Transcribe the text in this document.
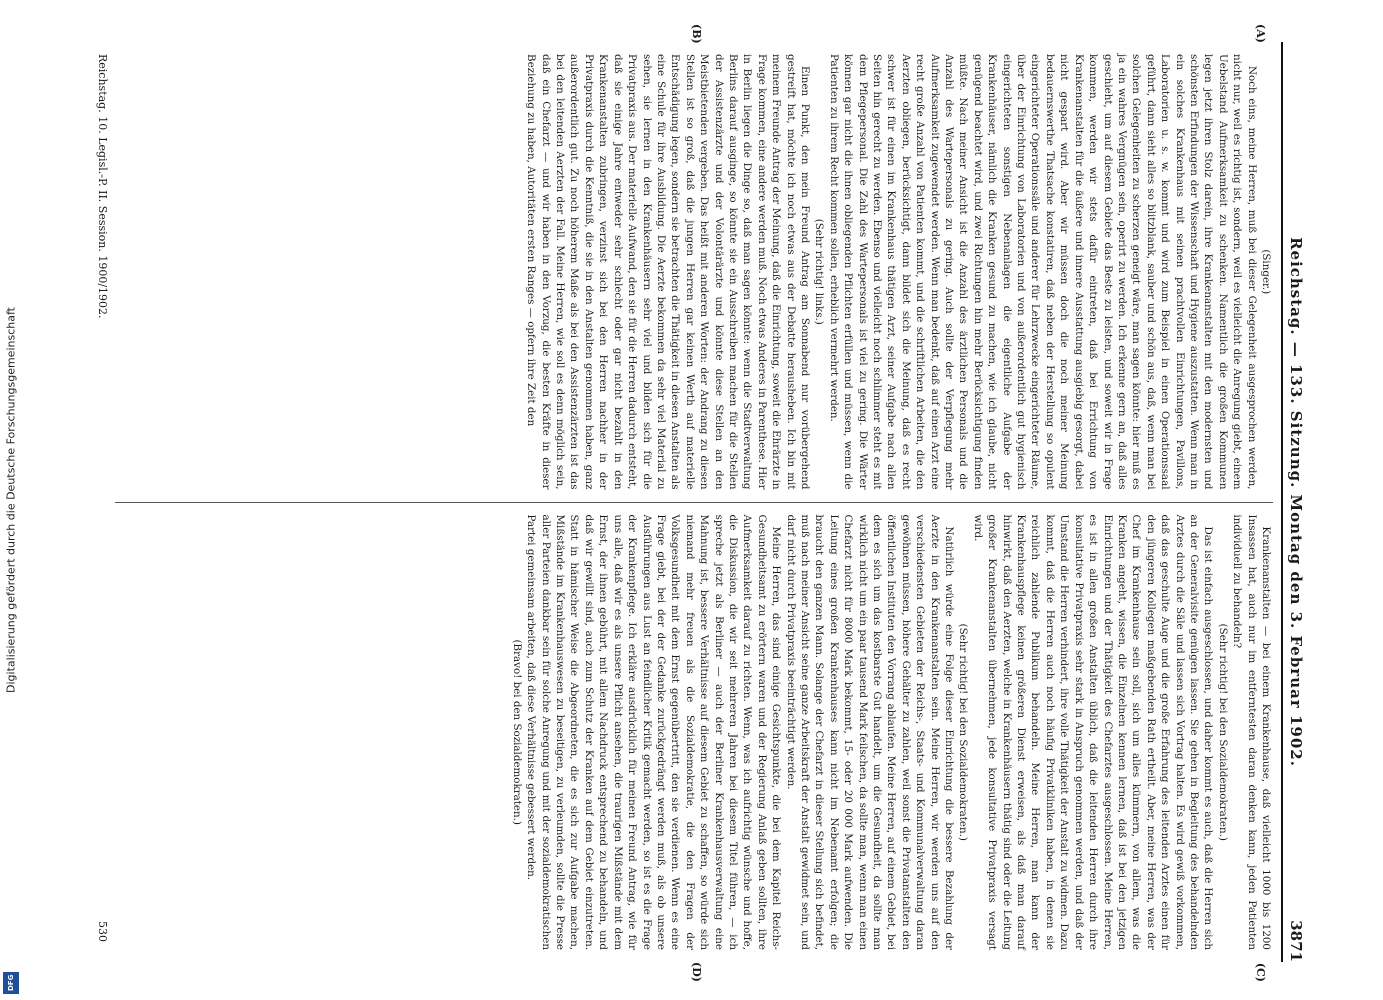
Digitalisierung gefördert durch die Deutsche Forschungsgemeinschaft
DFG
Reichstag. — 133. Sitzung. Montag den 3. Februar 1902.
3871
(A)
(B)

(Singer.)

Noch eins, meine Herren, muß bei dieser Gelegenheit ausgesprochen werden, nicht nur, weil es richtig ist, sondern, weil es vielleicht die Anregung giebt, einem Uebelstand Aufmerksamkeit zu schenken. Namentlich die großen Kommunen legen jetzt ihren Stolz darein, ihre Krankenanstalten mit den modernsten und schönsten Erfindungen der Wissenschaft und Hygiene auszustatten. Wenn man in ein solches Krankenhaus mit seinen prachtvollen Einrichtungen, Pavillons, Laboratorien u. s. w. kommt und wird zum Beispiel in einen Operationssaal geführt, dann sieht alles so blitzblank, sauber und schön aus, daß, wenn man bei solchen Gelegenheiten zu scherzen geneigt wäre, man sagen könnte: hier muß es ja ein wahres Vergnügen sein, operirt zu werden. Ich erkenne gern an, daß alles geschieht, um auf diesem Gebiete das Beste zu leisten, und soweit wir in Frage kommen, werden wir stets dafür eintreten, daß bei Errichtung von Krankenanstalten für die äußere und innere Ausstattung ausgiebig gesorgt, dabei nicht gespart wird. Aber wir müssen doch die noch meiner Meinung bedauernswerthe Thatsache konstatiren, daß neben der Herstellung so opulent eingerichteter Operationssäle und anderer für Lehrzwecke eingerichteter Räume, über der Einrichtung von Laboratorien und von außerordentlich gut hygienisch eingerichteten sonstigen Nebenanlagen die eigentliche Aufgabe der Krankenhäuser, nämlich die Kranken gesund zu machen, wie ich glaube, nicht genügend beachtet wird, und zwei Richtungen hin mehr Berücksichtigung finden müßte. Nach meiner Ansicht ist die Anzahl des ärztlichen Personals und die Anzahl des Wartepersonals zu gering. Auch sollte der Verpflegung mehr Aufmerksamkeit zugewendet werden. Wenn man bedenkt, daß auf einen Arzt eine recht große Anzahl von Patienten kommt, und die schriftlichen Arbeiten, die den Aerzten obliegen, berücksichtigt, dann bildet sich die Meinung, daß es recht schwer ist für einen im Krankenhaus thätigen Arzt, seiner Aufgabe nach allen Seiten hin gerecht zu werden. Ebenso und vielleicht noch schlimmer steht es mit dem Pflegepersonal. Die Zahl des Wartepersonals ist viel zu gering. Die Wärter können gar nicht die ihnen obliegenden Pflichten erfüllen und müssen, wenn die Patienten zu ihrem Recht kommen sollen, erheblich vermehrt werden.

(Sehr richtig! links.)

Einen Punkt, den mein Freund Antrag am Sonnabend nur vorübergehend gestreift hat, möchte ich noch etwas aus der Debatte herausheben. Ich bin mit meinem Freunde Antrag der Meinung, daß die Einrichtung, soweit die Ehrärzte in Frage kommen, eine andere werden muß. Noch etwas Anderes in Parenthese. Hier in Berlin liegen die Dinge so, daß man sagen könnte: wenn die Stadtverwaltung Berlins darauf ausginge, so könnte sie ein Ausschreiben machen für die Stellen der Assistenzärzte und der Volontärärzte und könnte diese Stellen an den Meistbietenden vergeben. Das heißt mit anderen Worten: der Andrang zu diesen Stellen ist so groß, daß die jungen Herren gar keinen Werth auf materielle Entschädigung legen, sondern sie betrachten die Thätigkeit in diesen Anstalten als eine Schule für ihre Ausbildung. Die Aerzte bekommen da sehr viel Material zu sehen, sie lernen in den Krankenhäusern sehr viel und bilden sich für die Privatpraxis aus. Der materielle Aufwand, den sie für die Herren dadurch entsteht, daß sie einige Jahre entweder sehr schlecht oder gar nicht bezahlt in den Krankenanstalten zubringen, verzinst sich bei den Herren nachher in der Privatpraxis durch die Kenntniß, die sie in den Anstalten genommen haben, ganz außerordentlich gut. Zu noch höherem Maße als bei den Assistenzärzten ist das bei den leitenden Aerzten der Fall. Meine Herren, wie soll es denn möglich sein, daß ein Chefarzt — und wir haben in den Vorzug, die besten Kräfte in dieser Beziehung zu haben, Autoritäten ersten Ranges — opfern ihre Zeit den

(C)
(D)

Krankenanstalten — bei einem Krankenhause, daß vielleicht 1000 bis 1200 Insassen hat, auch nur im entferntesten daran denken kann, jeden Patienten individuell zu behandeln?

(Sehr richtig! bei den Sozialdemokraten.)

Das ist einfach ausgeschlossen, und daher kommt es auch, daß die Herren sich an der Generalvisite genügen lassen. Sie gehen in Begleitung des behandelnden Arztes durch die Säle und lassen sich Vortrag halten. Es wird gewiß vorkommen, daß das geschulte Auge und die große Erfahrung des leitenden Arztes einen für den jüngeren Kollegen maßgebenden Rath ertheilt. Aber, meine Herren, was der Chef im Krankenhause sein soll, sich um alles kümmern, von allem, was die Kranken angeht, wissen, die Einzelnen kennen lernen, daß ist bei den jetzigen Einrichtungen und der Thätigkeit des Chefarztes ausgeschlossen. Meine Herren, es ist in allen großen Anstalten üblich, daß die leitenden Herren durch ihre konsultative Privatpraxis sehr stark in Anspruch genommen werden, und daß der Umstand die Herren verhindert, ihre volle Thätigkeit der Anstalt zu widmen. Dazu kommt, daß die Herren auch noch häufig Privatkliniken haben, in denen sie reichlich zahlende Publikum behandeln. Meine Herren, man kann der Krankenhauspflege keinen größeren Dienst erweisen, als daß man darauf hinwirkt, daß den Aerzten, welche in Krankenhäusern thätig sind oder die Leitung großer Krankenanstalten übernehmen, jede konsultative Privatpraxis versagt wird.

(Sehr richtig! bei den Sozialdemokraten.)

Natürlich würde eine Folge dieser Einrichtung die bessere Bezahlung der Aerzte in den Krankenanstalten sein. Meine Herren, wir werden uns auf den verschiedensten Gebieten der Reichs-, Staats- und Kommunalverwaltung daran gewöhnen müssen, höhere Gehälter zu zahlen, weil sonst die Privatanstalten den öffentlichen Instituten den Vorrang ablaufen. Meine Herren, auf einem Gebiet, bei dem es sich um das kostbarste Gut handelt, um die Gesundheit, da sollte man wirklich nicht um ein paar tausend Mark feilschen, da sollte man, wenn man einen Chefarzt nicht für 8000 Mark bekommt, 15- oder 20 000 Mark aufwenden. Die Leitung eines großen Krankenhauses kann nicht im Nebenamt erfolgen; die braucht den ganzen Mann. Solange der Chefarzt in dieser Stellung sich befindet, muß nach meiner Ansicht seine ganze Arbeitskraft der Anstalt gewidmet sein, und darf nicht durch Privatpraxis beeinträchtigt werden.

Meine Herren, das sind einige Gesichtspunkte, die bei dem Kapitel Reichs-Gesundheitsamt zu erörtern waren und der Regierung Anlaß geben sollten, ihre Aufmerksamkeit darauf zu richten. Wenn, was ich aufrichtig wünsche und hoffe, die Diskussion, die wir seit mehreren Jahren bei diesem Titel führen, — ich spreche jetzt als Berliner — auch der Berliner Krankenhausverwaltung eine Mahnung ist, bessere Verhältnisse auf diesem Gebiet zu schaffen, so würde sich niemand mehr freuen als die Sozialdemokratie, die den Fragen der Volksgesundheit mit dem Ernst gegenübertritt, den sie verdienen. Wenn es eine Frage giebt, bei der der Gedanke zurückgedrängt werden muß, als ob unsere Ausführungen aus Lust an feindlicher Kritik gemacht werden, so ist es die Frage der Krankenpflege. Ich erkläre ausdrücklich für meinen Freund Antrag, wie für uns alle, daß wir es als unsere Pflicht ansehen, die traurigen Mißstände mit dem Ernst, der ihnen gebührt, mit allem Nachdruck entsprechend zu behandeln, und daß wir gewillt sind, auch zum Schutz der Kranken auf dem Gebiet einzutreten. Statt in hämischer Weise die Abgeordneten, die es sich zur Aufgabe machen, Mißstände im Krankenhauswesen zu beseitigen, zu verleumden, sollte die Presse aller Parteien dankbar sein für solche Anregung und mit der sozialdemokratischen Partei gemeinsam arbeiten, daß diese Verhältnisse gebessert werden.

(Bravo! bei den Sozialdemokraten.)

Reichstag. 10. Legisl.-P. II. Session. 1900/1902.
530
